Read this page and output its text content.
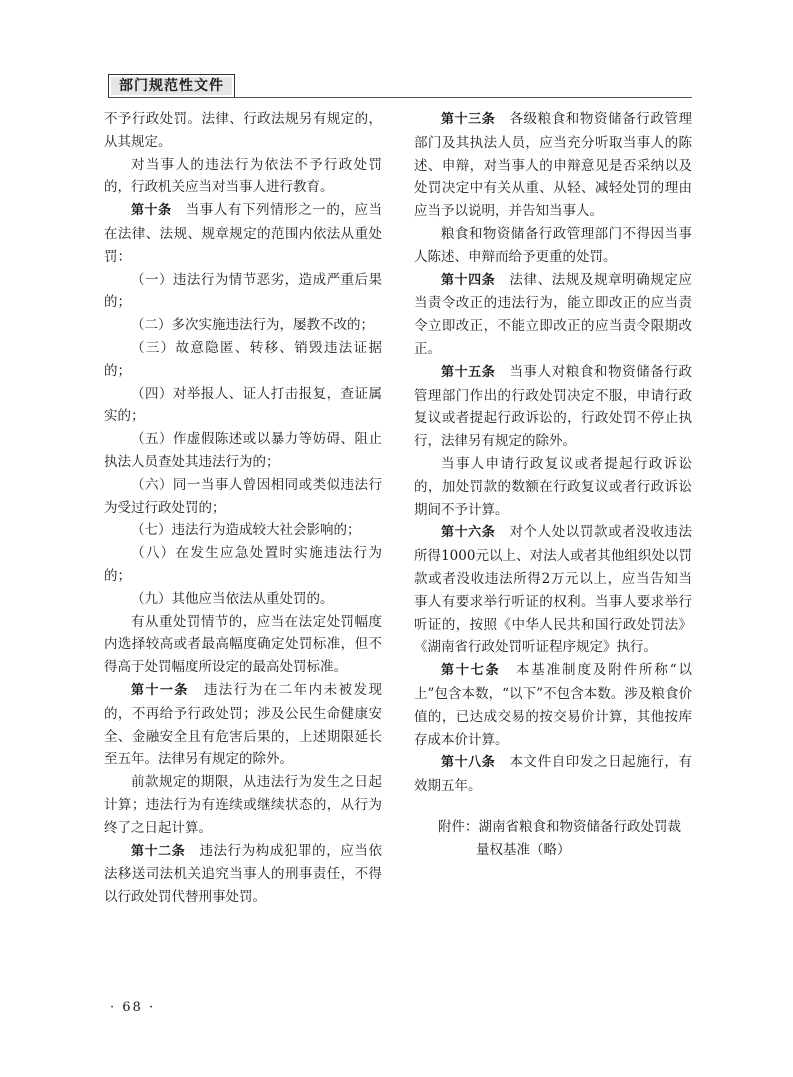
部门规范性文件

不予行政处罚。法律、行政法规另有规定的，从其规定。

对当事人的违法行为依法不予行政处罚的，行政机关应当对当事人进行教育。

第十条　 当事人有下列情形之一的，应当在法律、法规、规章规定的范围内依法从重处罚：

（一）违法行为情节恶劣，造成严重后果的；

（二）多次实施违法行为，屡教不改的；

（三）故意隐匿、转移、销毁违法证据的；

（四）对举报人、证人打击报复，查证属实的；

（五）作虚假陈述或以暴力等妨碍、阻止执法人员查处其违法行为的；

（六）同一当事人曾因相同或类似违法行为受过行政处罚的；

（七）违法行为造成较大社会影响的；

（八）在发生应急处置时实施违法行为的；

（九）其他应当依法从重处罚的。

有从重处罚情节的，应当在法定处罚幅度内选择较高或者最高幅度确定处罚标准，但不得高于处罚幅度所设定的最高处罚标准。

第十一条　 违法行为在二年内未被发现的，不再给予行政处罚；涉及公民生命健康安全、金融安全且有危害后果的，上述期限延长至五年。法律另有规定的除外。

前款规定的期限，从违法行为发生之日起计算；违法行为有连续或继续状态的，从行为终了之日起计算。

第十二条　 违法行为构成犯罪的，应当依法移送司法机关追究当事人的刑事责任，不得以行政处罚代替刑事处罚。

第十三条　 各级粮食和物资储备行政管理部门及其执法人员，应当充分听取当事人的陈述、申辩，对当事人的申辩意见是否采纳以及处罚决定中有关从重、从轻、减轻处罚的理由应当予以说明，并告知当事人。

粮食和物资储备行政管理部门不得因当事人陈述、申辩而给予更重的处罚。

第十四条　 法律、法规及规章明确规定应当责令改正的违法行为，能立即改正的应当责令立即改正，不能立即改正的应当责令限期改正。

第十五条　 当事人对粮食和物资储备行政管理部门作出的行政处罚决定不服，申请行政复议或者提起行政诉讼的，行政处罚不停止执行，法律另有规定的除外。

当事人申请行政复议或者提起行政诉讼的，加处罚款的数额在行政复议或者行政诉讼期间不予计算。

第十六条　 对个人处以罚款或者没收违法所得1000元以上、对法人或者其他组织处以罚款或者没收违法所得2万元以上，应当告知当事人有要求举行听证的权利。当事人要求举行听证的，按照《中华人民共和国行政处罚法》《湖南省行政处罚听证程序规定》执行。

第十七条　 本基准制度及附件所称“以上”包含本数，“以下”不包含本数。涉及粮食价值的，已达成交易的按交易价计算，其他按库存成本价计算。

第十八条　 本文件自印发之日起施行，有效期五年。

附件：湖南省粮食和物资储备行政处罚裁
量权基准（略）

· 68 ·
